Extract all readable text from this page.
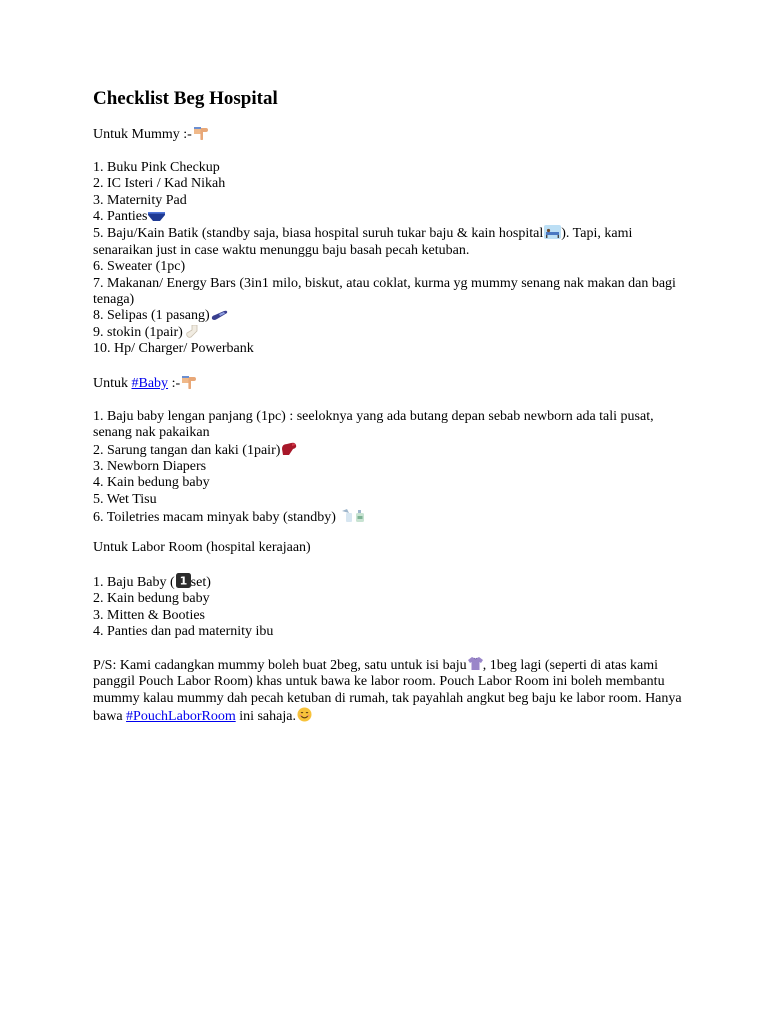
Checklist Beg Hospital
Untuk Mummy :-
1. Buku Pink Checkup
2. IC Isteri / Kad Nikah
3. Maternity Pad
4. Panties
5. Baju/Kain Batik (standby saja, biasa hospital suruh tukar baju & kain hospital ). Tapi, kami senaraikan just in case waktu menunggu baju basah pecah ketuban.
6. Sweater (1pc)
7. Makanan/ Energy Bars (3in1 milo, biskut, atau coklat, kurma yg mummy senang nak makan dan bagi tenaga)
8. Selipas (1 pasang)
9. stokin (1pair)
10. Hp/ Charger/ Powerbank
Untuk #Baby :-
1. Baju baby lengan panjang (1pc) : seeloknya yang ada butang depan sebab newborn ada tali pusat, senang nak pakaikan
2. Sarung tangan dan kaki (1pair)
3. Newborn Diapers
4. Kain bedung baby
5. Wet Tisu
6. Toiletries macam minyak baby (standby)
Untuk Labor Room (hospital kerajaan)
1. Baju Baby ( 1 set)
2. Kain bedung baby
3. Mitten & Booties
4. Panties dan pad maternity ibu
P/S: Kami cadangkan mummy boleh buat 2beg, satu untuk isi baju , 1beg lagi (seperti di atas kami panggil Pouch Labor Room) khas untuk bawa ke labor room. Pouch Labor Room ini boleh membantu mummy kalau mummy dah pecah ketuban di rumah, tak payahlah angkut beg baju ke labor room. Hanya bawa #PouchLaborRoom ini sahaja.
